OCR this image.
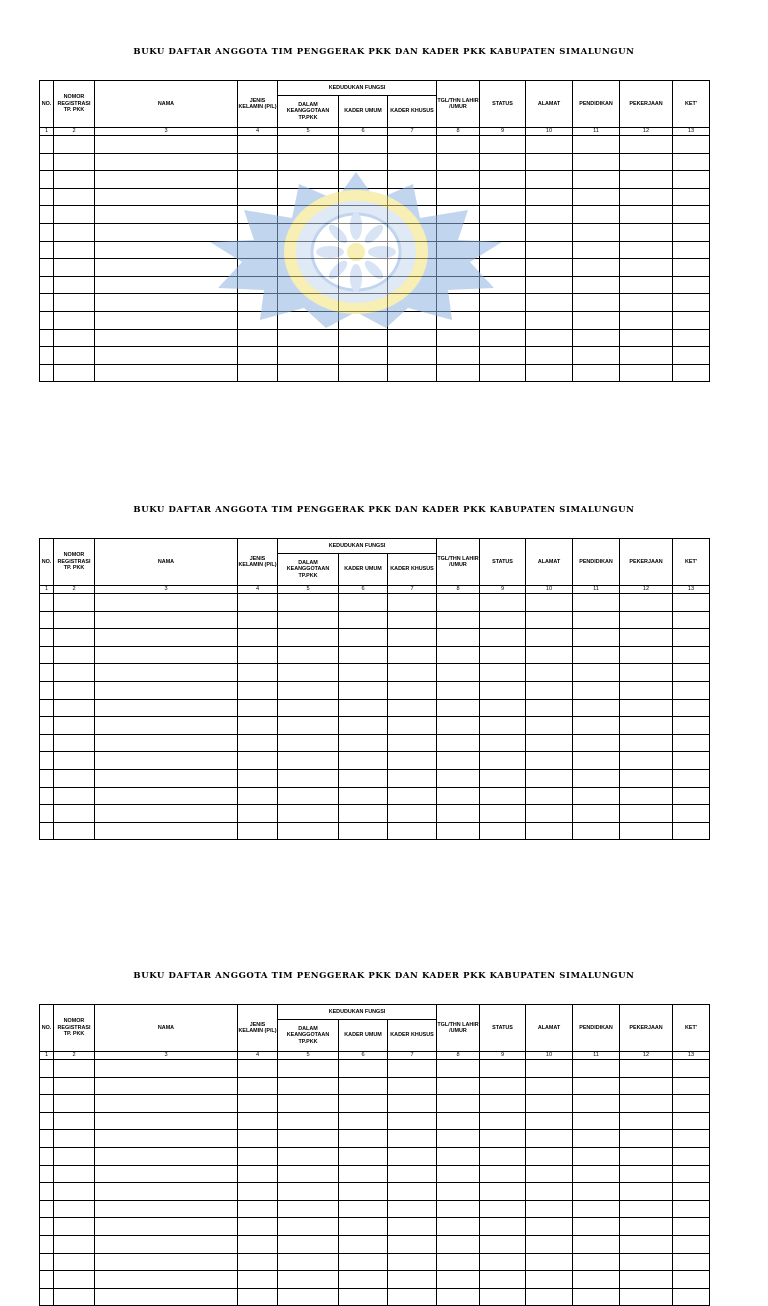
BUKU DAFTAR ANGGOTA TIM PENGGERAK PKK DAN KADER PKK KABUPATEN SIMALUNGUN
NO.	NOMOR REGISTRASI TP. PKK	NAMA	JENIS KELAMIN (P/L)	KEDUDUKAN FUNGSI			TGL/THN LAHIR /UMUR	STATUS	ALAMAT	PENDIDIKAN	PEKERJAAN	KET'
				DALAM KEANGGOTAAN TP.PKK	KADER UMUM	KADER KHUSUS						
1	2	3	4	5	6	7	8	9	10	11	12	13

BUKU DAFTAR ANGGOTA TIM PENGGERAK PKK DAN KADER PKK KABUPATEN SIMALUNGUN
NO.	NOMOR REGISTRASI TP. PKK	NAMA	JENIS KELAMIN (P/L)	KEDUDUKAN FUNGSI			TGL/THN LAHIR /UMUR	STATUS	ALAMAT	PENDIDIKAN	PEKERJAAN	KET'
				DALAM KEANGGOTAAN TP.PKK	KADER UMUM	KADER KHUSUS						
1	2	3	4	5	6	7	8	9	10	11	12	13

BUKU DAFTAR ANGGOTA TIM PENGGERAK PKK DAN KADER PKK KABUPATEN SIMALUNGUN
NO.	NOMOR REGISTRASI TP. PKK	NAMA	JENIS KELAMIN (P/L)	KEDUDUKAN FUNGSI			TGL/THN LAHIR /UMUR	STATUS	ALAMAT	PENDIDIKAN	PEKERJAAN	KET'
				DALAM KEANGGOTAAN TP.PKK	KADER UMUM	KADER KHUSUS						
1	2	3	4	5	6	7	8	9	10	11	12	13
